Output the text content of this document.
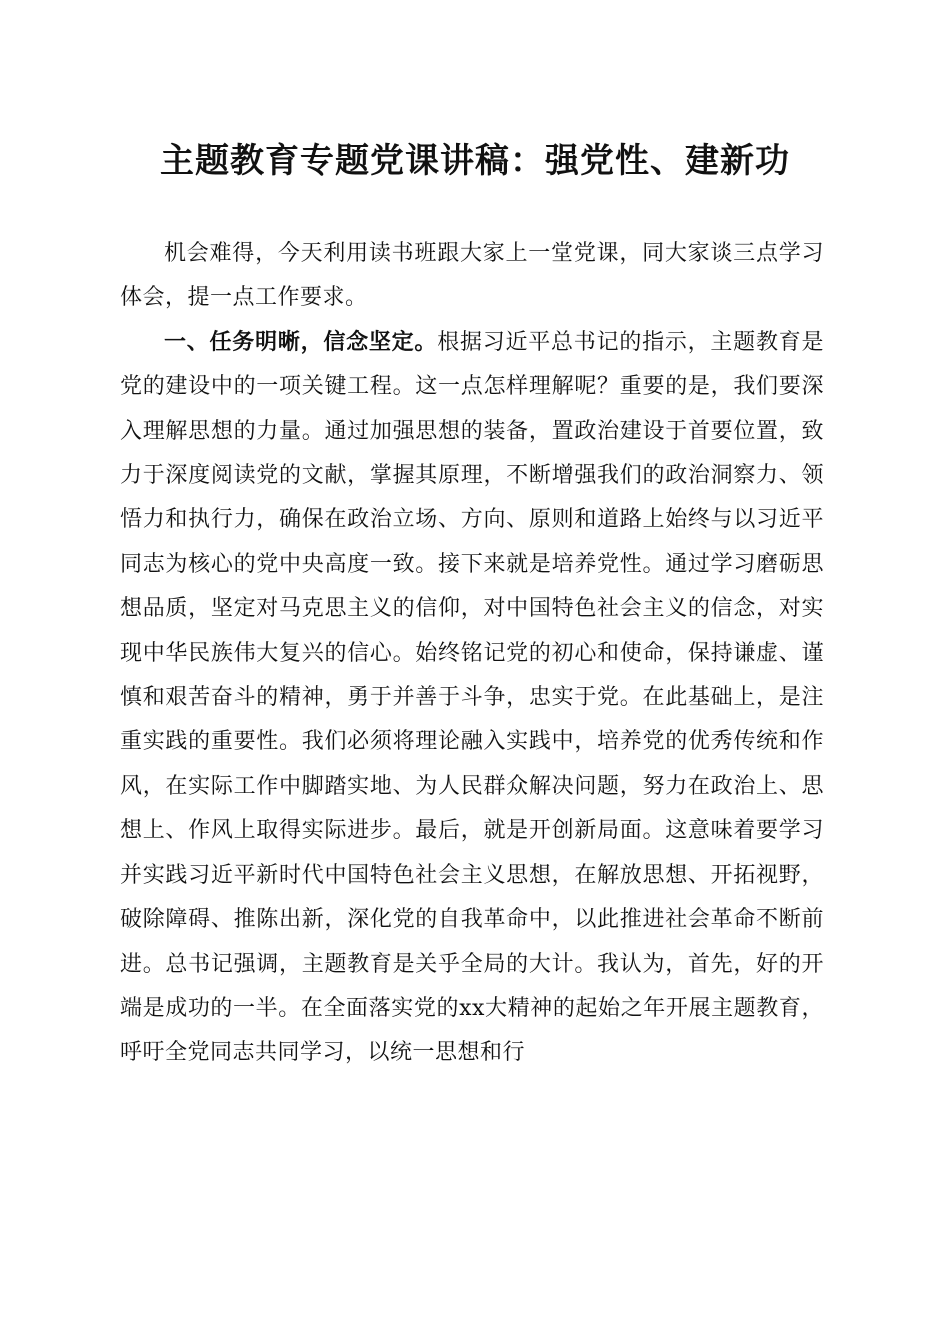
主题教育专题党课讲稿：强党性、建新功

机会难得，今天利用读书班跟大家上一堂党课，同大家谈三点学习体会，提一点工作要求。

一、任务明晰，信念坚定。根据习近平总书记的指示，主题教育是党的建设中的一项关键工程。这一点怎样理解呢？重要的是，我们要深入理解思想的力量。通过加强思想的装备，置政治建设于首要位置，致力于深度阅读党的文献，掌握其原理，不断增强我们的政治洞察力、领悟力和执行力，确保在政治立场、方向、原则和道路上始终与以习近平同志为核心的党中央高度一致。接下来就是培养党性。通过学习磨砺思想品质，坚定对马克思主义的信仰，对中国特色社会主义的信念，对实现中华民族伟大复兴的信心。始终铭记党的初心和使命，保持谦虚、谨慎和艰苦奋斗的精神，勇于并善于斗争，忠实于党。在此基础上，是注重实践的重要性。我们必须将理论融入实践中，培养党的优秀传统和作风，在实际工作中脚踏实地、为人民群众解决问题，努力在政治上、思想上、作风上取得实际进步。最后，就是开创新局面。这意味着要学习并实践习近平新时代中国特色社会主义思想，在解放思想、开拓视野，破除障碍、推陈出新，深化党的自我革命中，以此推进社会革命不断前进。总书记强调，主题教育是关乎全局的大计。我认为，首先，好的开端是成功的一半。在全面落实党的xx大精神的起始之年开展主题教育，呼吁全党同志共同学习，以统一思想和行
